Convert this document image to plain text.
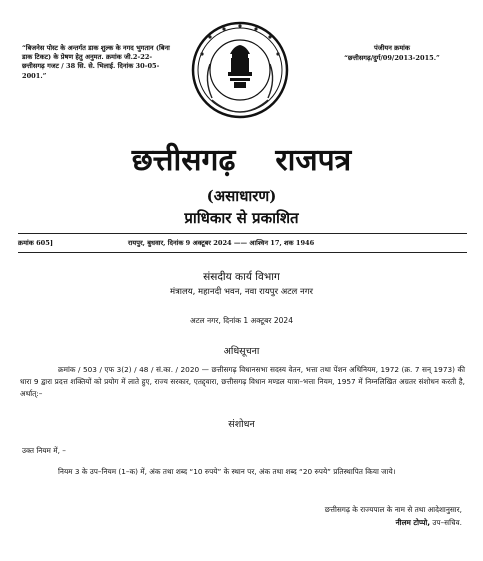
“बिजनेस पोस्ट के अन्तर्गत डाक शुल्क के नगद भुगतान (बिना डाक टिकट) के प्रेषण हेतु अनुमत. क्रमांक जी.2-22-छत्तीसगढ़ गजट / 38 सि. से. भिलाई. दिनांक 30-05-2001.”
पंजीयन क्रमांक
“छत्तीसगढ़/दुर्ग/09/2013-2015.”
छत्तीसगढ़ राजपत्र
(असाधारण)
प्राधिकार से प्रकाशित
क्रमांक 605]	रायपुर, बुधवार, दिनांक 9 अक्टूबर 2024 —— आश्विन 17, शक 1946
संसदीय कार्य विभाग
मंत्रालय, महानदी भवन, नवा रायपुर अटल नगर
अटल नगर, दिनांक 1 अक्टूबर 2024
अधिसूचना
क्रमांक / 503 / एफ 3(2) / 48 / सं.का. / 2020 — छत्तीसगढ़ विधानसभा सदस्य वेतन, भत्ता तथा पेंशन अधिनियम, 1972 (क्र. 7 सन् 1973) की धारा 9 द्वारा प्रदत्त शक्तियों को प्रयोग में लाते हुए, राज्य सरकार, एतद्द्वारा, छत्तीसगढ़ विधान मण्डल यात्रा–भत्ता नियम, 1957 में निम्नलिखित अग्रतर संशोधन करती है, अर्थात्:–
संशोधन
उक्त नियम में, –
नियम 3 के उप–नियम (1–क) में, अंक तथा शब्द “10 रुपये” के स्थान पर, अंक तथा शब्द “20 रुपये” प्रतिस्थापित किया जाये।
छत्तीसगढ़ के राज्यपाल के नाम से तथा आदेशानुसार,
नीलम टोप्पो, उप–सचिव.
